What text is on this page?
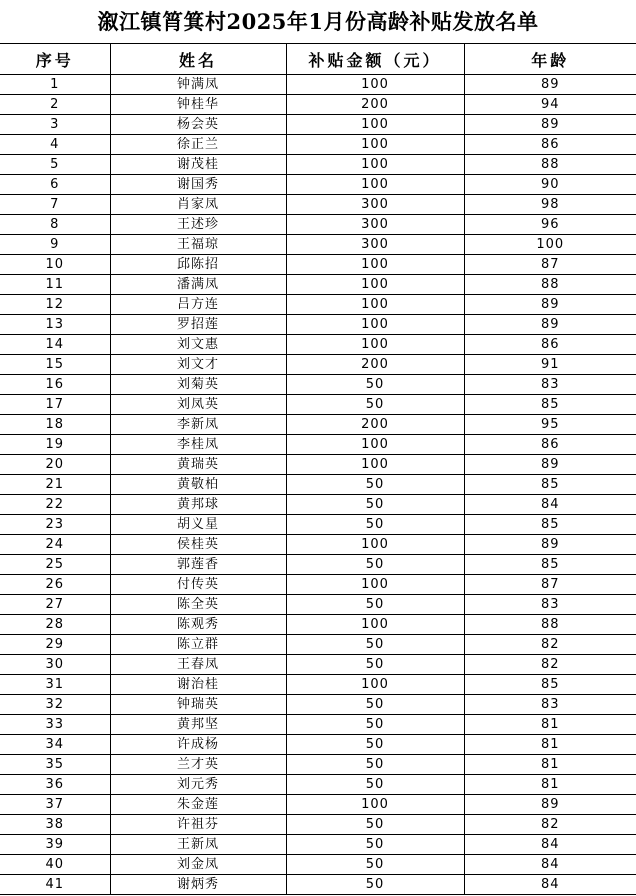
溆江镇筲箕村2025年1月份高龄补贴发放名单
序号	姓名	补贴金额（元）	年龄
1	钟满凤	100	89
2	钟桂华	200	94
3	杨会英	100	89
4	徐正兰	100	86
5	谢茂桂	100	88
6	谢国秀	100	90
7	肖家凤	300	98
8	王述珍	300	96
9	王福琼	300	100
10	邱陈招	100	87
11	潘满凤	100	88
12	吕方连	100	89
13	罗招莲	100	89
14	刘文惠	100	86
15	刘文才	200	91
16	刘菊英	50	83
17	刘凤英	50	85
18	李新凤	200	95
19	李桂凤	100	86
20	黄瑞英	100	89
21	黄敬柏	50	85
22	黄邦球	50	84
23	胡义星	50	85
24	侯桂英	100	89
25	郭莲香	50	85
26	付传英	100	87
27	陈全英	50	83
28	陈观秀	100	88
29	陈立群	50	82
30	王春凤	50	82
31	谢治桂	100	85
32	钟瑞英	50	83
33	黄邦坚	50	81
34	许成杨	50	81
35	兰才英	50	81
36	刘元秀	50	81
37	朱金莲	100	89
38	许祖芬	50	82
39	王新凤	50	84
40	刘金凤	50	84
41	谢炳秀	50	84
